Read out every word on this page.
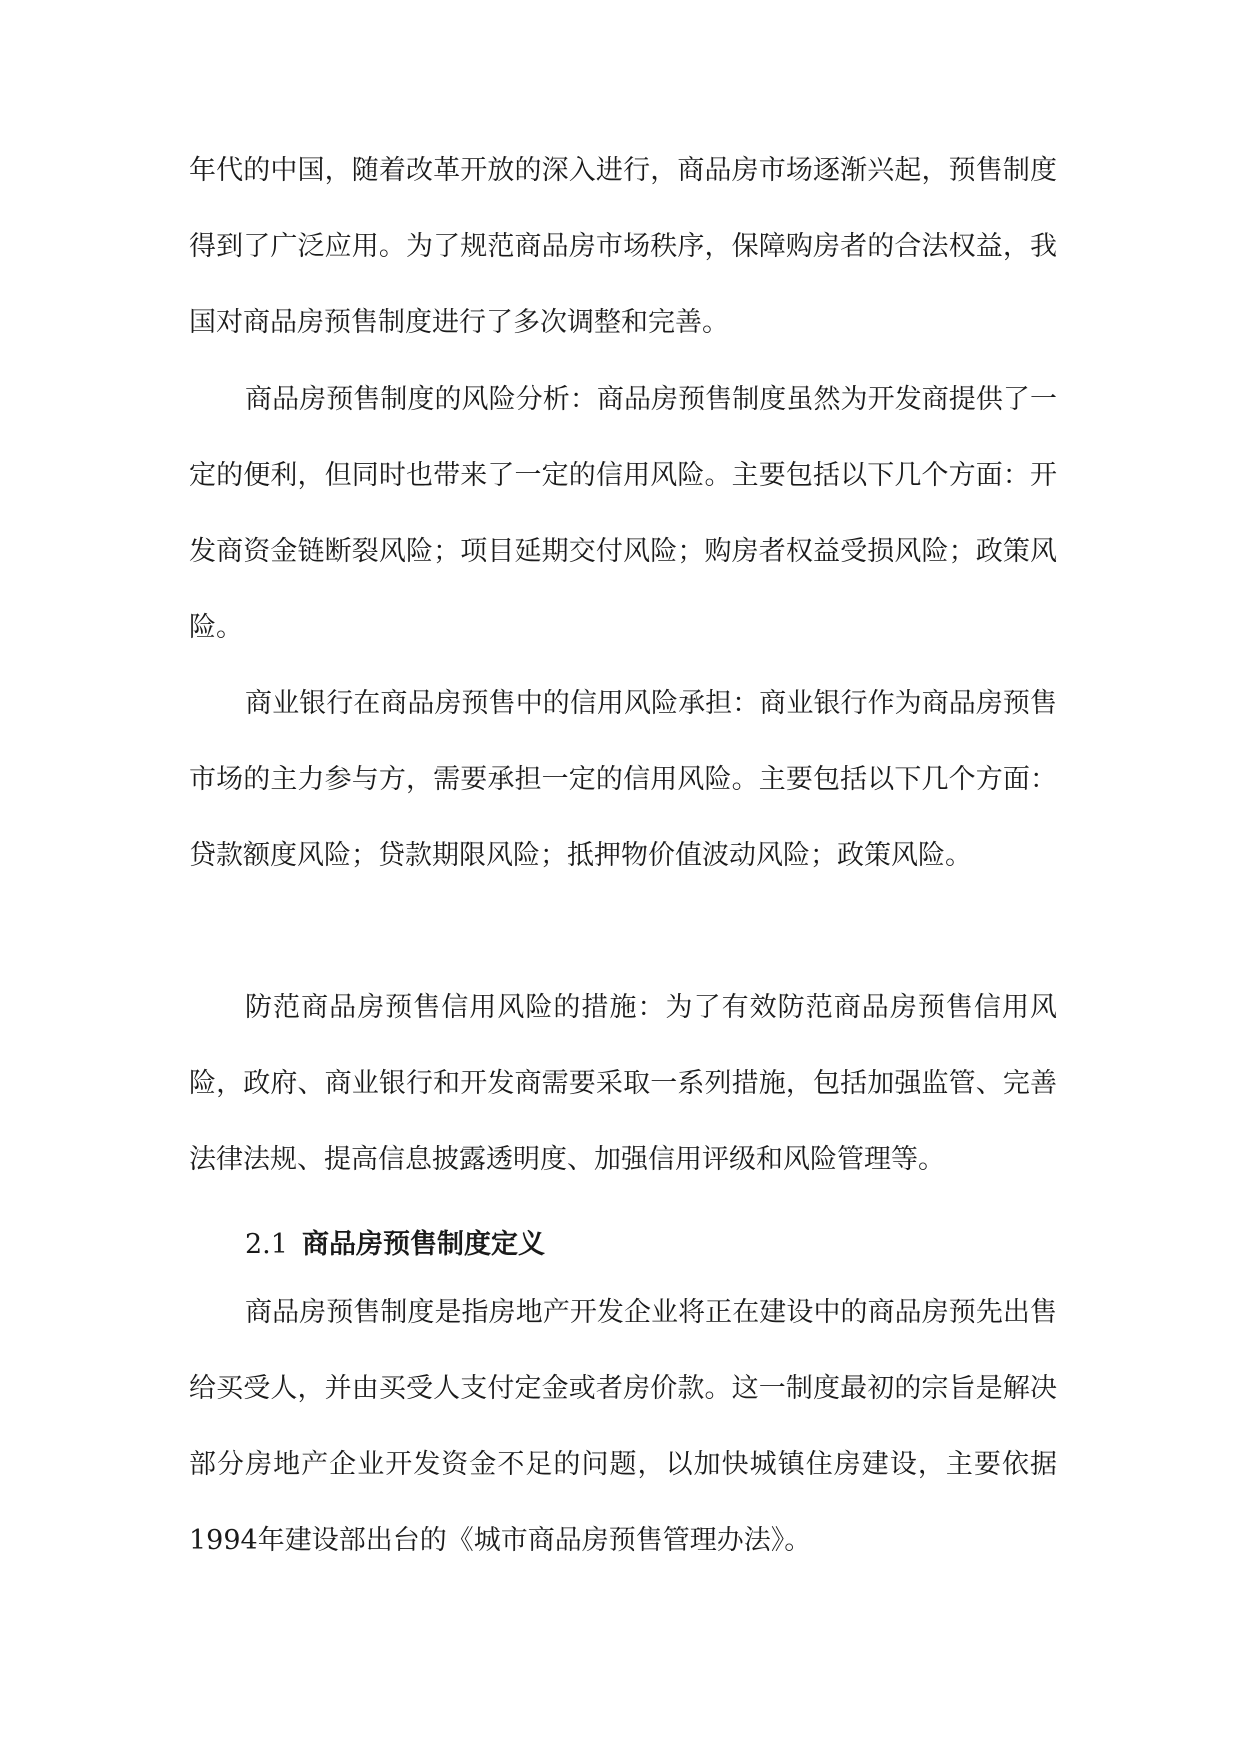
年代的中国，随着改革开放的深入进行，商品房市场逐渐兴起，预售制度得到了广泛应用。为了规范商品房市场秩序，保障购房者的合法权益，我国对商品房预售制度进行了多次调整和完善。

商品房预售制度的风险分析：商品房预售制度虽然为开发商提供了一定的便利，但同时也带来了一定的信用风险。主要包括以下几个方面：开发商资金链断裂风险；项目延期交付风险；购房者权益受损风险；政策风险。

商业银行在商品房预售中的信用风险承担：商业银行作为商品房预售市场的主力参与方，需要承担一定的信用风险。主要包括以下几个方面：贷款额度风险；贷款期限风险；抵押物价值波动风险；政策风险。

防范商品房预售信用风险的措施：为了有效防范商品房预售信用风险，政府、商业银行和开发商需要采取一系列措施，包括加强监管、完善法律法规、提高信息披露透明度、加强信用评级和风险管理等。

2.1 商品房预售制度定义

商品房预售制度是指房地产开发企业将正在建设中的商品房预先出售给买受人，并由买受人支付定金或者房价款。这一制度最初的宗旨是解决部分房地产企业开发资金不足的问题，以加快城镇住房建设，主要依据1994年建设部出台的《城市商品房预售管理办法》。
